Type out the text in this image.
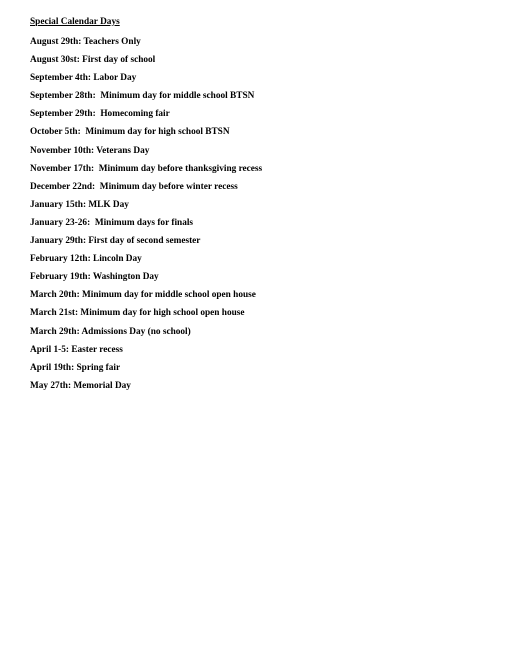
Special Calendar Days
August 29th: Teachers Only
August 30st: First day of school
September 4th: Labor Day
September 28th:  Minimum day for middle school BTSN
September 29th:  Homecoming fair
October 5th:  Minimum day for high school BTSN
November 10th: Veterans Day
November 17th:  Minimum day before thanksgiving recess
December 22nd:  Minimum day before winter recess
January 15th: MLK Day
January 23-26:  Minimum days for finals
January 29th: First day of second semester
February 12th: Lincoln Day
February 19th: Washington Day
March 20th: Minimum day for middle school open house
March 21st: Minimum day for high school open house
March 29th: Admissions Day (no school)
April 1-5: Easter recess
April 19th: Spring fair
May 27th: Memorial Day
